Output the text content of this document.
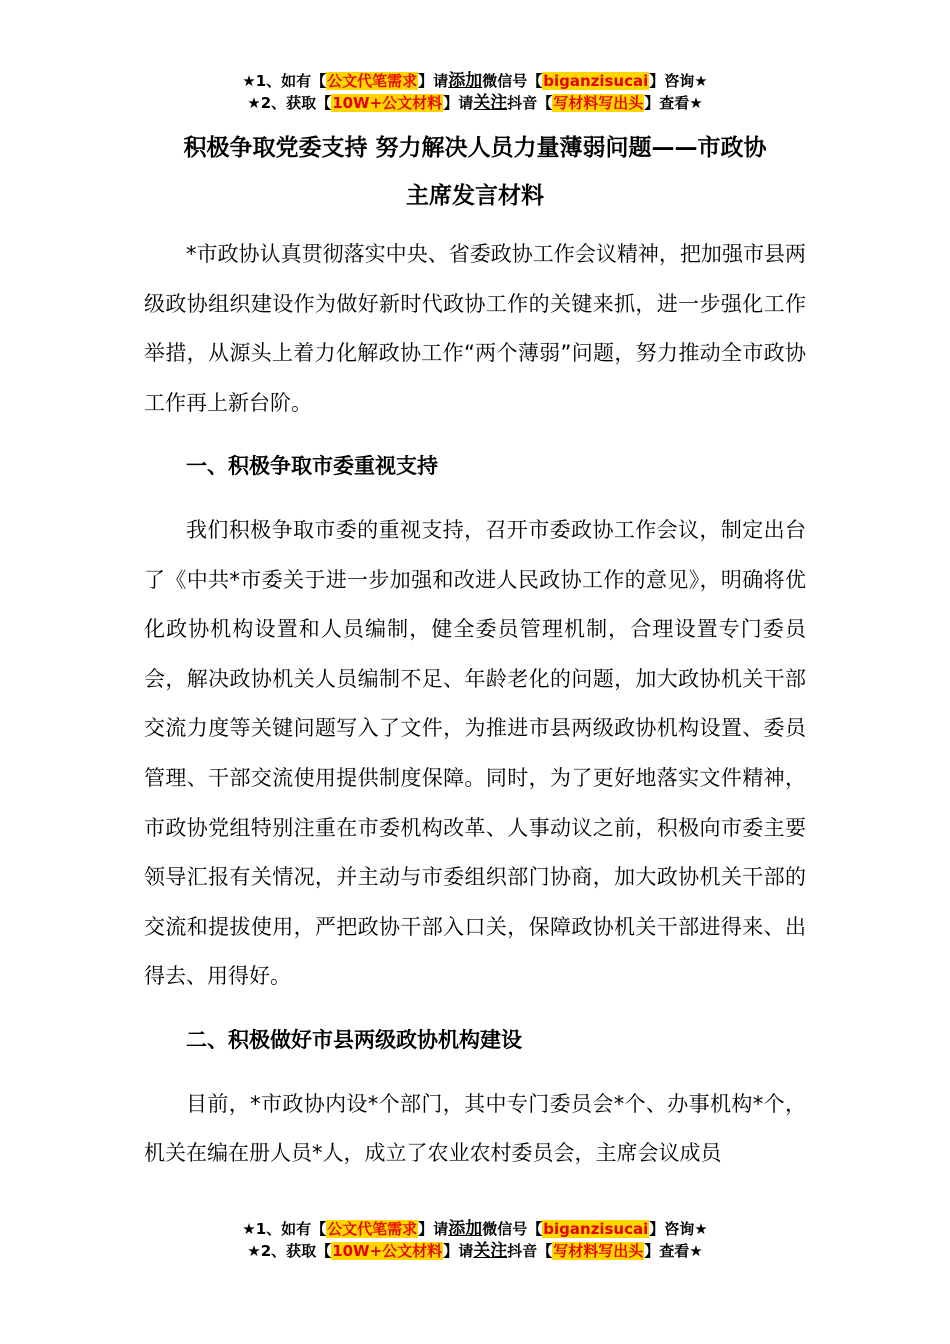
★1、如有【公文代笔需求】请添加微信号【biganzisucai】咨询★
★2、获取【10W+公文材料】请关注抖音【写材料写出头】查看★
积极争取党委支持 努力解决人员力量薄弱问题——市政协
主席发言材料

*市政协认真贯彻落实中央、省委政协工作会议精神，把加强市县两级政协组织建设作为做好新时代政协工作的关键来抓，进一步强化工作举措，从源头上着力化解政协工作“两个薄弱”问题，努力推动全市政协工作再上新台阶。

一、积极争取市委重视支持

我们积极争取市委的重视支持，召开市委政协工作会议，制定出台了《中共*市委关于进一步加强和改进人民政协工作的意见》，明确将优化政协机构设置和人员编制，健全委员管理机制，合理设置专门委员会，解决政协机关人员编制不足、年龄老化的问题，加大政协机关干部交流力度等关键问题写入了文件，为推进市县两级政协机构设置、委员管理、干部交流使用提供制度保障。同时，为了更好地落实文件精神，市政协党组特别注重在市委机构改革、人事动议之前，积极向市委主要领导汇报有关情况，并主动与市委组织部门协商，加大政协机关干部的交流和提拔使用，严把政协干部入口关，保障政协机关干部进得来、出得去、用得好。

二、积极做好市县两级政协机构建设

目前，*市政协内设*个部门，其中专门委员会*个、办事机构*个，机关在编在册人员*人，成立了农业农村委员会，主席会议成员

★1、如有【公文代笔需求】请添加微信号【biganzisucai】咨询★
★2、获取【10W+公文材料】请关注抖音【写材料写出头】查看★
